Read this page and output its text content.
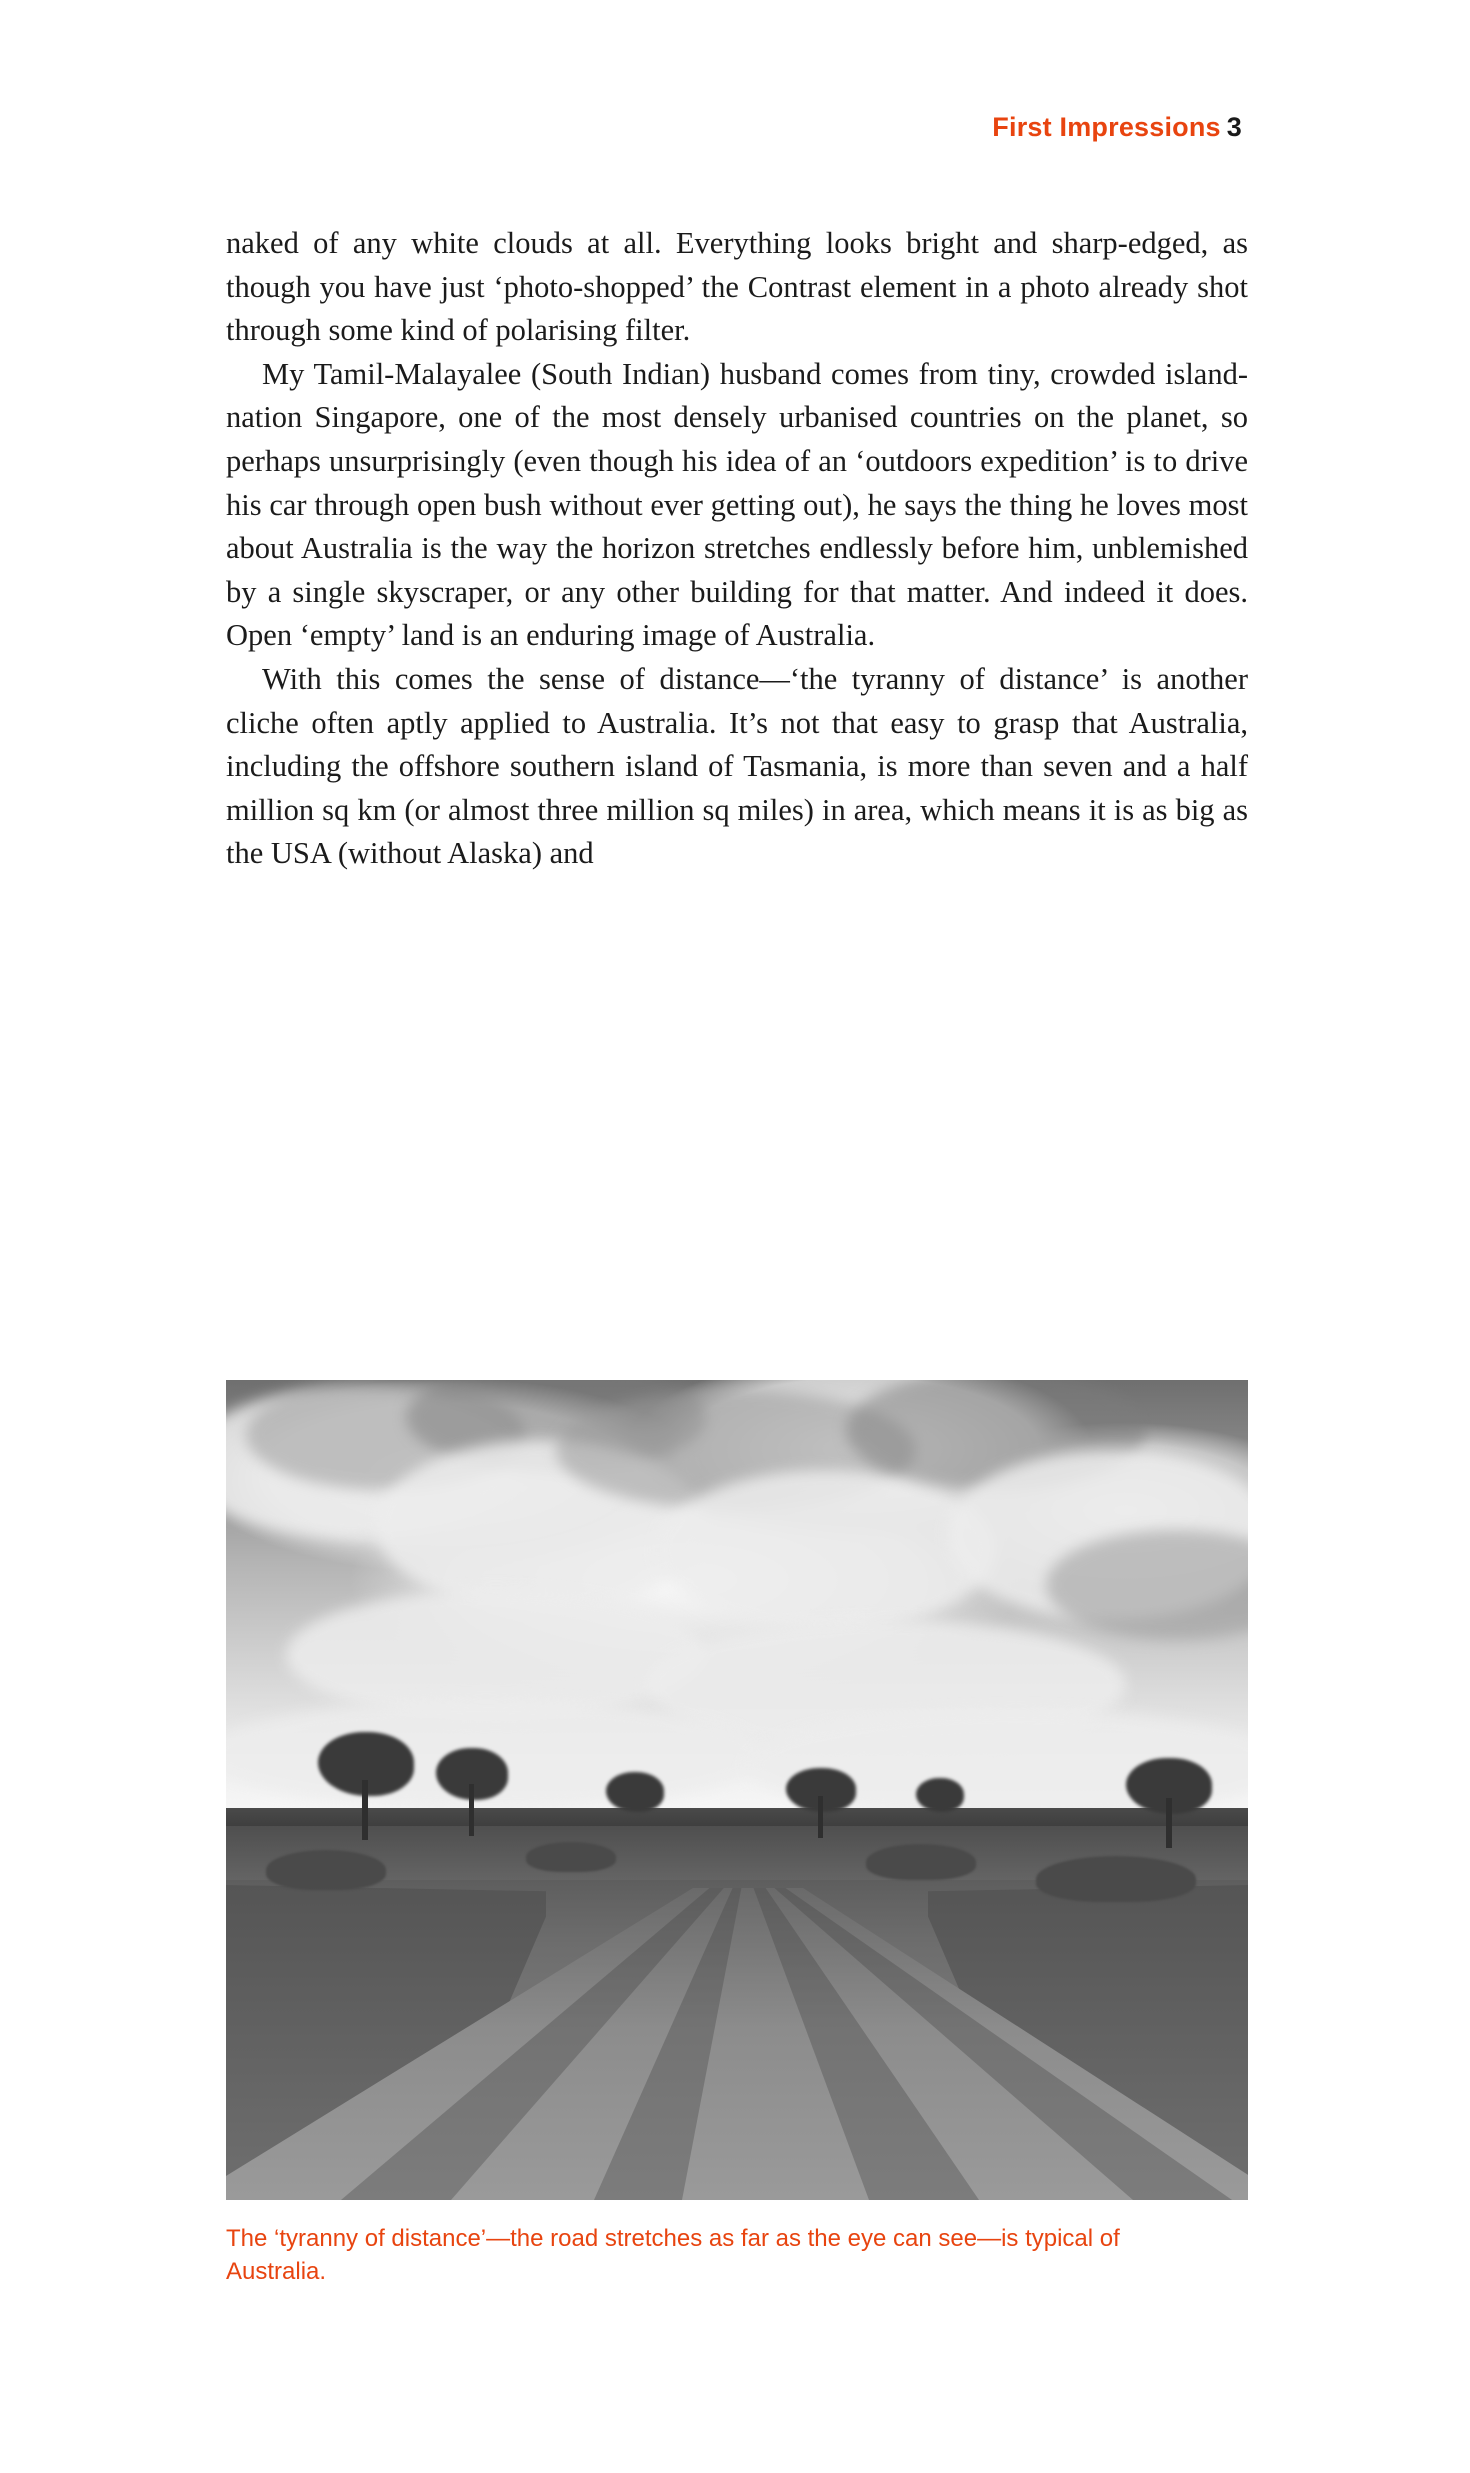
First Impressions 3

naked of any white clouds at all. Everything looks bright and sharp-edged, as though you have just ‘photo-shopped’ the Contrast element in a photo already shot through some kind of polarising filter.

My Tamil-Malayalee (South Indian) husband comes from tiny, crowded island-nation Singapore, one of the most densely urbanised countries on the planet, so perhaps unsurprisingly (even though his idea of an ‘outdoors expedition’ is to drive his car through open bush without ever getting out), he says the thing he loves most about Australia is the way the horizon stretches endlessly before him, unblemished by a single skyscraper, or any other building for that matter. And indeed it does. Open ‘empty’ land is an enduring image of Australia.

With this comes the sense of distance—‘the tyranny of distance’ is another cliche often aptly applied to Australia. It’s not that easy to grasp that Australia, including the offshore southern island of Tasmania, is more than seven and a half million sq km (or almost three million sq miles) in area, which means it is as big as the USA (without Alaska) and

The ‘tyranny of distance’—the road stretches as far as the eye can see—is typical of Australia.
